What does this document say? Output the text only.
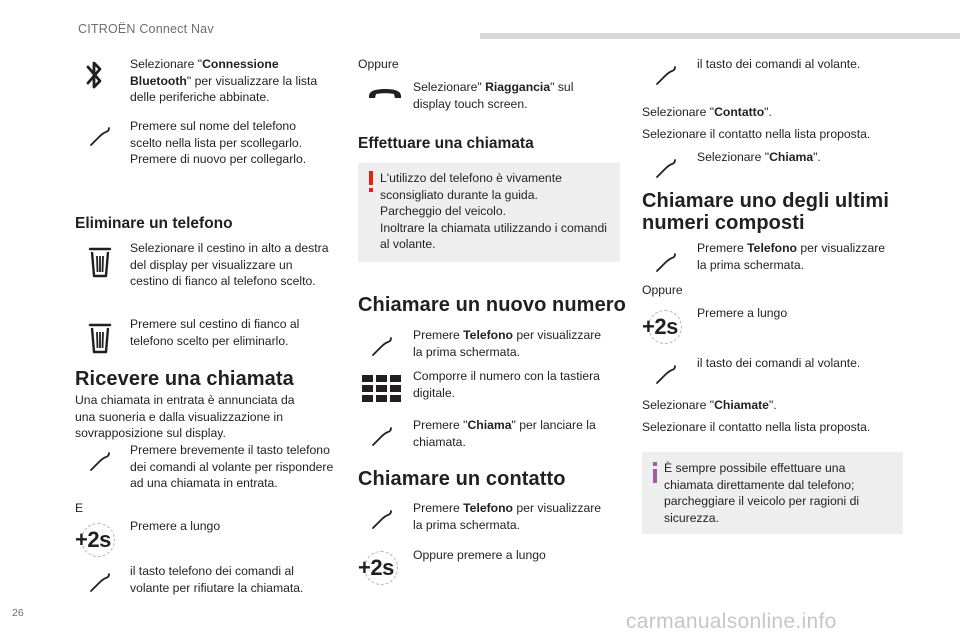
CITROËN Connect Nav
Selezionare "Connessione
Bluetooth" per visualizzare la lista
delle periferiche abbinate.
Premere sul nome del telefono
scelto nella lista per scollegarlo.
Premere di nuovo per collegarlo.
Eliminare un telefono
Selezionare il cestino in alto a destra
del display per visualizzare un
cestino di fianco al telefono scelto.
Premere sul cestino di fianco al
telefono scelto per eliminarlo.
Ricevere una chiamata
Una chiamata in entrata è annunciata da
una suoneria e dalla visualizzazione in
sovrapposizione sul display.
Premere brevemente il tasto telefono
dei comandi al volante per rispondere
ad una chiamata in entrata.
E
+2s
Premere a lungo
il tasto telefono dei comandi al
volante per rifiutare la chiamata.
Oppure
Selezionare" Riaggancia" sul
display touch screen.
Effettuare una chiamata
L'utilizzo del telefono è vivamente
sconsigliato durante la guida.
Parcheggio del veicolo.
Inoltrare la chiamata utilizzando i comandi
al volante.
Chiamare un nuovo numero
Premere Telefono per visualizzare
la prima schermata.
Comporre il numero con la tastiera
digitale.
Premere "Chiama" per lanciare la
chiamata.
Chiamare un contatto
Premere Telefono per visualizzare
la prima schermata.
+2s Oppure premere a lungo
il tasto dei comandi al volante.
Selezionare "Contatto".
Selezionare il contatto nella lista proposta.
Selezionare "Chiama".
Chiamare uno degli ultimi
numeri composti
Premere Telefono per visualizzare
la prima schermata.
Oppure
+2s
Premere a lungo
il tasto dei comandi al volante.
Selezionare "Chiamate".
Selezionare il contatto nella lista proposta.
È sempre possibile effettuare una
chiamata direttamente dal telefono;
parcheggiare il veicolo per ragioni di
sicurezza.
26	carmanualsonline.info
